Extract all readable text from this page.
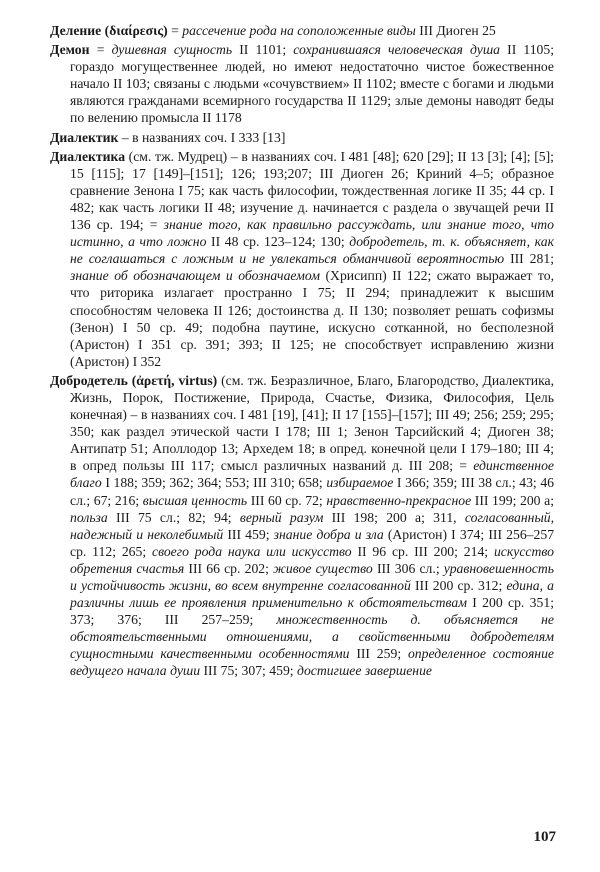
Деление (διαίρεσις) = рассечение рода на соположенные виды III Диоген 25

Демон = душевная сущность II 1101; сохранившаяся человеческая душа II 1105; гораздо могущественнее людей, но имеют недостаточно чистое божественное начало II 103; связаны с людьми «сочувствием» II 1102; вместе с богами и людьми являются гражданами всемирного государства II 1129; злые демоны наводят беды по велению промысла II 1178

Диалектик – в названиях соч. I 333 [13]

Диалектика (см. тж. Мудрец) – в названиях соч. I 481 [48]; 620 [29]; II 13 [3]; [4]; [5]; 15 [115]; 17 [149]–[151]; 126; 193;207; III Диоген 26; Криний 4–5; образное сравнение Зенона I 75; как часть философии, тождественная логике II 35; 44 ср. I 482; как часть логики II 48; изучение д. начинается с раздела о звучащей речи II 136 ср. 194; = знание того, как правильно рассуждать, или знание того, что истинно, а что ложно II 48 ср. 123–124; 130; добродетель, т. к. объясняет, как не соглашаться с ложным и не увлекаться обманчивой вероятностью III 281; знание об обозначающем и обозначаемом (Хрисипп) II 122; сжато выражает то, что риторика излагает пространно I 75; II 294; принадлежит к высшим способностям человека II 126; достоинства д. II 130; позволяет решать софизмы (Зенон) I 50 ср. 49; подобна паутине, искусно сотканной, но бесполезной (Аристон) I 351 ср. 391; 393; II 125; не способствует исправлению жизни (Аристон) I 352

Добродетель (ἀρετή, virtus) (см. тж. Безразличное, Благо, Благородство, Диалектика, Жизнь, Порок, Постижение, Природа, Счастье, Физика, Философия, Цель конечная) – в названиях соч. I 481 [19], [41]; II 17 [155]–[157]; III 49; 256; 259; 295; 350; как раздел этической части I 178; III 1; Зенон Тарсийский 4; Диоген 38; Антипатр 51; Аполлодор 13; Архедем 18; в опред. конечной цели I 179–180; III 4; в опред пользы III 117; смысл различных названий д. III 208; = единственное благо I 188; 359; 362; 364; 553; III 310; 658; избираемое I 366; 359; III 38 сл.; 43; 46 сл.; 67; 216; высшая ценность III 60 ср. 72; нравственно-прекрасное III 199; 200 а; польза III 75 сл.; 82; 94; верный разум III 198; 200 а; 311, согласованный, надежный и неколебимый III 459; знание добра и зла (Аристон) I 374; III 256–257 ср. 112; 265; своего рода наука или искусство II 96 ср. III 200; 214; искусство обретения счастья III 66 ср. 202; живое существо III 306 сл.; уравновешенность и устойчивость жизни, во всем внутренне согласованной III 200 ср. 312; едина, а различны лишь ее проявления применительно к обстоятельствам I 200 ср. 351; 373; 376; III 257–259; множественность д. объясняется не обстоятельственными отношениями, а свойственными добродетелям сущностными качественными особенностями III 259; определенное состояние ведущего начала души III 75; 307; 459; достигшее завершение

107
